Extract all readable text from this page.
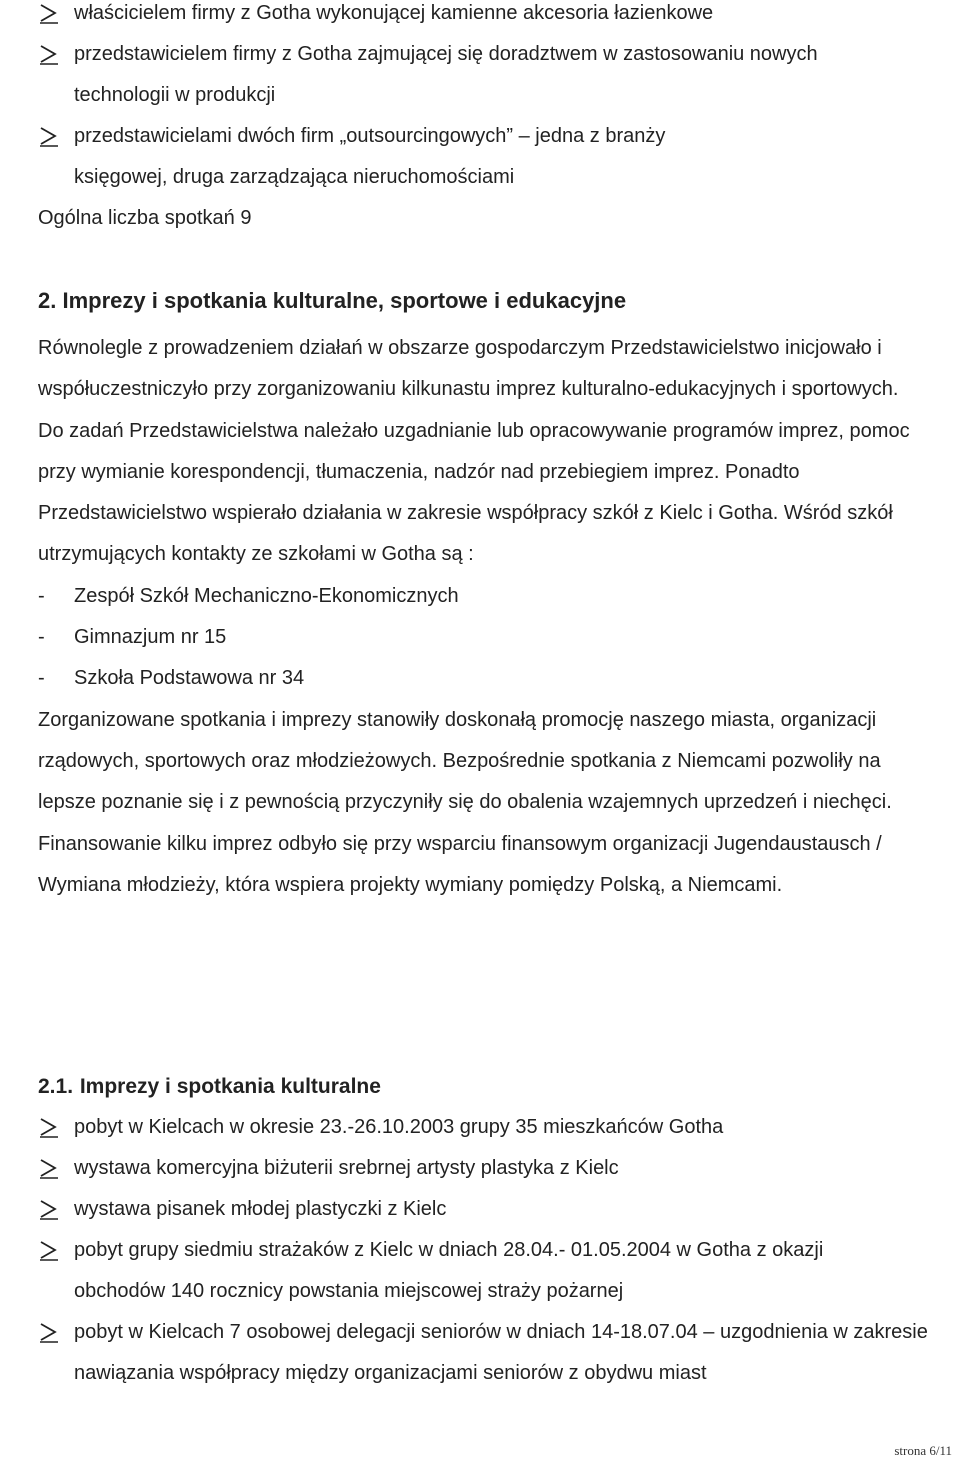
właścicielem firmy z Gotha wykonującej kamienne akcesoria łazienkowe
przedstawicielem firmy z Gotha zajmującej się doradztwem w zastosowaniu nowych technologii w produkcji
przedstawicielami dwóch firm „outsourcingowych” – jedna z branży księgowej, druga zarządzająca nieruchomościami
Ogólna liczba spotkań 9
2. Imprezy i spotkania kulturalne, sportowe i edukacyjne

Równolegle z prowadzeniem działań w obszarze gospodarczym Przedstawicielstwo inicjowało i współuczestniczyło przy zorganizowaniu kilkunastu imprez kulturalno-edukacyjnych i sportowych. Do zadań Przedstawicielstwa należało uzgadnianie lub opracowywanie programów imprez, pomoc przy wymianie korespondencji, tłumaczenia, nadzór nad przebiegiem imprez. Ponadto Przedstawicielstwo wspierało działania w zakresie współpracy szkół z Kielc i Gotha. Wśród szkół utrzymujących kontakty ze szkołami w Gotha są :

- Zespół Szkół Mechaniczno-Ekonomicznych
- Gimnazjum nr 15
- Szkoła Podstawowa nr 34

Zorganizowane spotkania i imprezy stanowiły doskonałą promocję naszego miasta, organizacji rządowych, sportowych oraz młodzieżowych. Bezpośrednie spotkania z Niemcami pozwoliły na lepsze poznanie się i z pewnością przyczyniły się do obalenia wzajemnych uprzedzeń i niechęci.

Finansowanie kilku imprez odbyło się przy wsparciu finansowym organizacji Jugendaustausch / Wymiana młodzieży, która wspiera projekty wymiany pomiędzy Polską, a Niemcami.

2.1. Imprezy i spotkania kulturalne
pobyt w Kielcach w okresie 23.-26.10.2003 grupy 35 mieszkańców Gotha
wystawa komercyjna biżuterii srebrnej artysty plastyka z Kielc
wystawa pisanek młodej plastyczki z Kielc
pobyt grupy siedmiu strażaków z Kielc w dniach 28.04.- 01.05.2004 w Gotha z okazji obchodów 140 rocznicy powstania miejscowej straży pożarnej
pobyt w Kielcach 7 osobowej delegacji seniorów w dniach 14-18.07.04 – uzgodnienia w zakresie nawiązania współpracy między organizacjami seniorów z obydwu miast
strona 6/11
